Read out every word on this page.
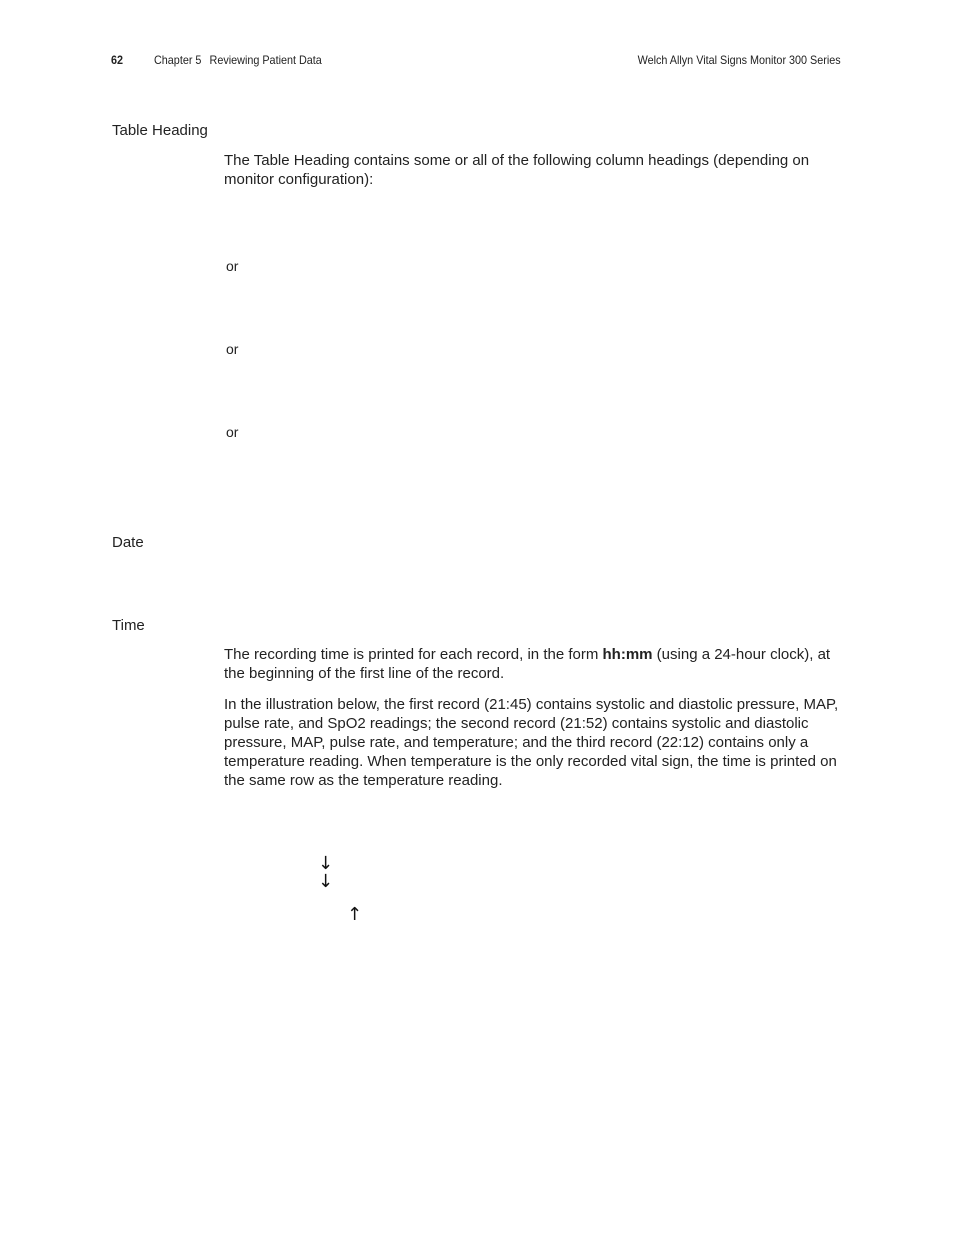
62	Chapter 5 Reviewing Patient Data	Welch Allyn Vital Signs Monitor 300 Series
Table Heading

The Table Heading contains some or all of the following column headings (depending on monitor configuration):

or
or
or
Date
Time

The recording time is printed for each record, in the form hh:mm (using a 24-hour clock), at the beginning of the first line of the record.

In the illustration below, the first record (21:45) contains systolic and diastolic pressure, MAP, pulse rate, and SpO2 readings; the second record (21:52) contains systolic and diastolic pressure, MAP, pulse rate, and temperature; and the third record (22:12) contains only a temperature reading. When temperature is the only recorded vital sign, the time is printed on the same row as the temperature reading.

↓
↓
↑
